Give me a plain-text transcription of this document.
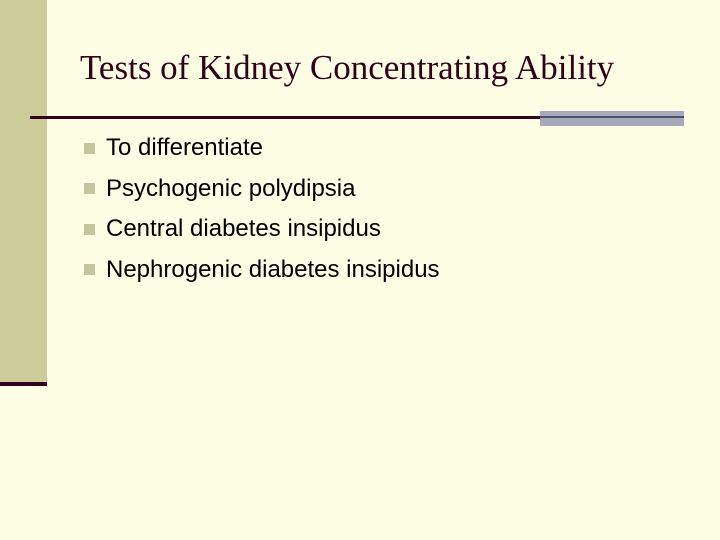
Tests of Kidney Concentrating Ability
To differentiate
Psychogenic polydipsia
Central diabetes insipidus
Nephrogenic diabetes insipidus
